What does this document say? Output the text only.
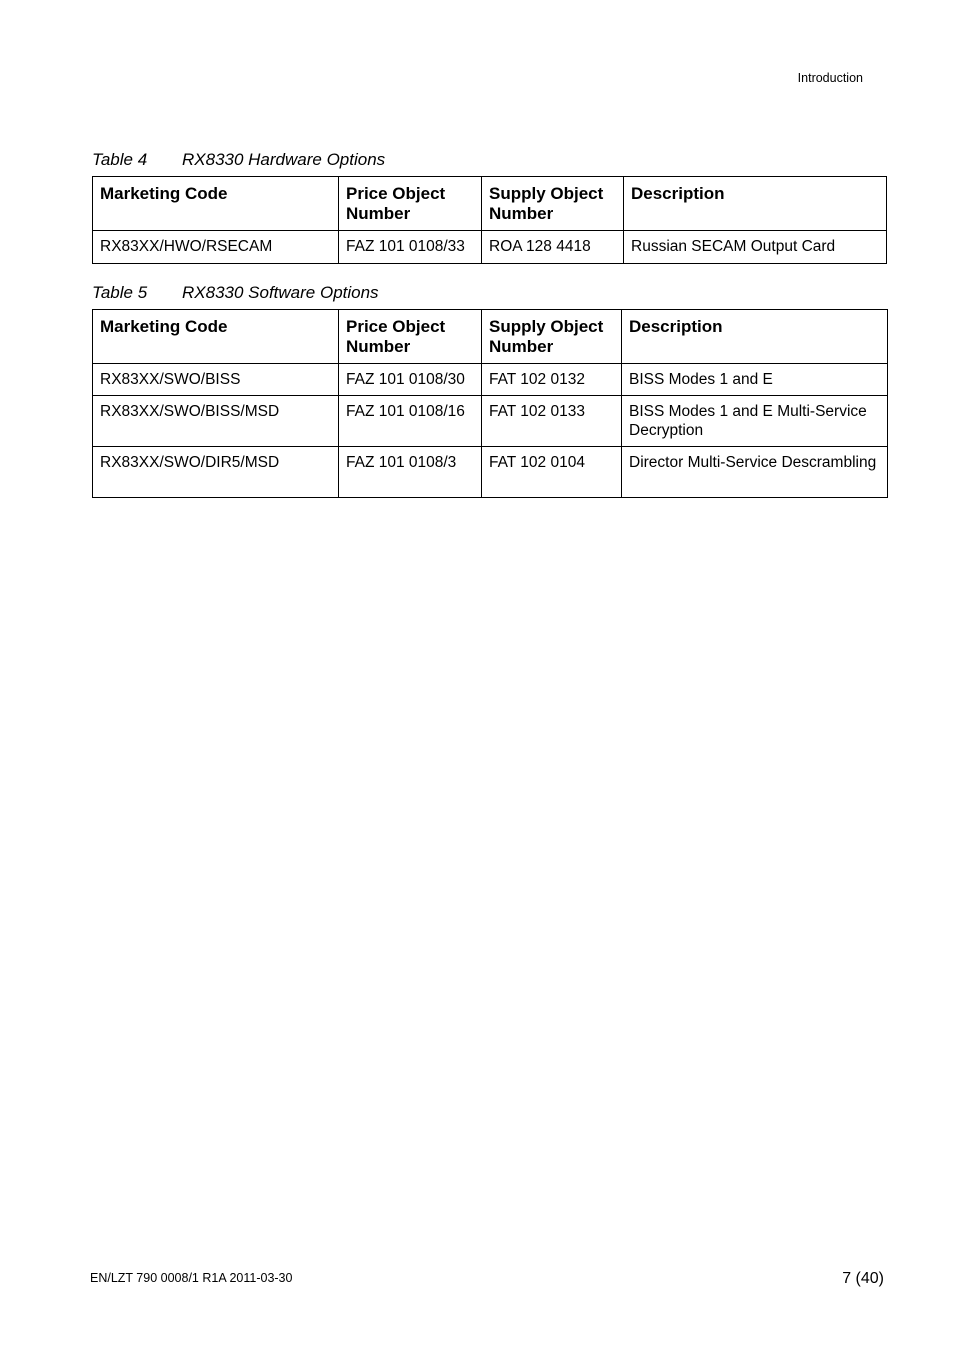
Introduction
Table 4 RX8330 Hardware Options
Marketing Code	Price Object Number	Supply Object Number	Description
RX83XX/HWO/RSECAM	FAZ 101 0108/33	ROA 128 4418	Russian SECAM Output Card
Table 5 RX8330 Software Options
Marketing Code	Price Object Number	Supply Object Number	Description
RX83XX/SWO/BISS	FAZ 101 0108/30	FAT 102 0132	BISS Modes 1 and E
RX83XX/SWO/BISS/MSD	FAZ 101 0108/16	FAT 102 0133	BISS Modes 1 and E Multi-Service Decryption
RX83XX/SWO/DIR5/MSD	FAZ 101 0108/3	FAT 102 0104	Director Multi-Service Descrambling
EN/LZT 790 0008/1 R1A 2011-03-30	7 (40)
